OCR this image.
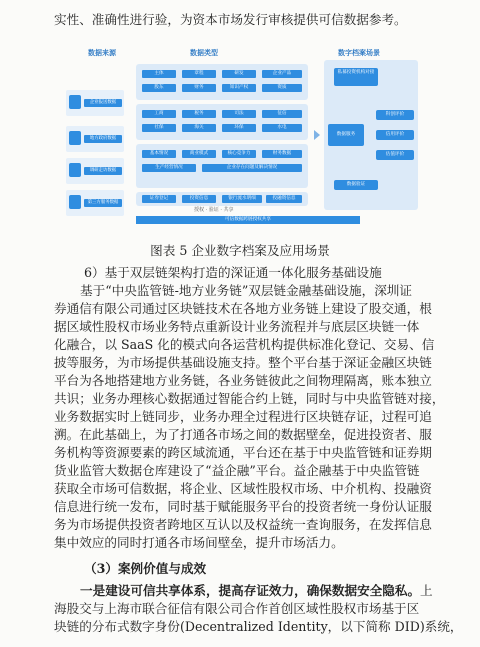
实性、准确性进行验，为资本市场发行审核提供可信数据参考。
数据来源	数据类型	数字档案场景
企业报送数据
地方政府数据
调研走访数据
第三方服务数据
主体	章程	研发	企业产品
股东	财务	知识产权	资质
工商	税务	司法	征信
社保	海关	环保	水电
基本情况	商业模式	核心竞争力	财务数据
生产经营情况	企业存在问题及解决情况
证券登记	投资信息	银行流水明细	投融资信息
私募投资机构对接
数据服务
科创评价
信用评价
估值评价
数据验证
授权 · 验证 · 共享
可信数据跨链授权共享
图表 5 企业数字档案及应用场景
6）基于双层链架构打造的深证通一体化服务基础设施
基于“中央监管链-地方业务链”双层链金融基础设施，深圳证
券通信有限公司通过区块链技术在各地方业务链上建设了股交通，根
据区域性股权市场业务特点重新设计业务流程并与底层区块链一体
化融合，以 SaaS 化的模式向各运营机构提供标准化登记、交易、信
披等服务，为市场提供基础设施支持。整个平台基于深证金融区块链
平台为各地搭建地方业务链，各业务链彼此之间物理隔离，账本独立
共识；业务办理核心数据通过智能合约上链，同时与中央监管链对接，
业务数据实时上链同步，业务办理全过程进行区块链存证，过程可追
溯。在此基础上，为了打通各市场之间的数据壁垒，促进投资者、服
务机构等资源要素的跨区域流通，平台还在基于中央监管链和证券期
货业监管大数据仓库建设了“益企融”平台。益企融基于中央监管链
获取全市场可信数据，将企业、区域性股权市场、中介机构、投融资
信息进行统一发布，同时基于赋能服务平台的投资者统一身份认证服
务为市场提供投资者跨地区互认以及权益统一查询服务，在发挥信息
集中效应的同时打通各市场间壁垒，提升市场活力。
（3）案例价值与成效
一是建设可信共享体系，提高存证效力，确保数据安全隐私。上
海股交与上海市联合征信有限公司合作首创区域性股权市场基于区
块链的分布式数字身份(Decentralized Identity，以下简称 DID)系统，
